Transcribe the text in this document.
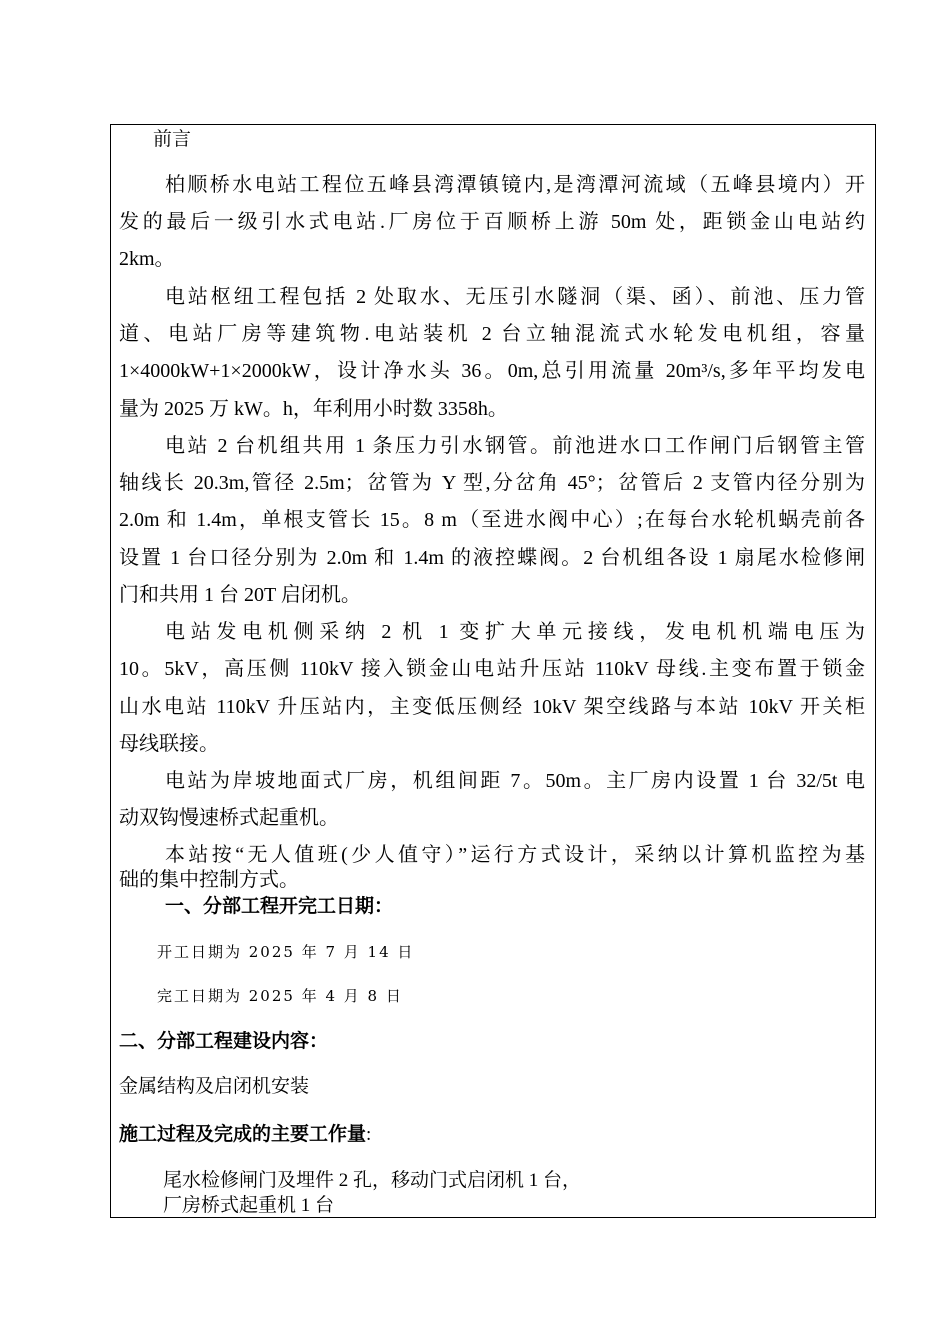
前言
柏顺桥水电站工程位五峰县湾潭镇镜内,是湾潭河流域（五峰县境内）开
发的最后一级引水式电站.厂房位于百顺桥上游 50m 处，距锁金山电站约
2km。
电站枢纽工程包括 2 处取水、无压引水隧洞（渠、函）、前池、压力管
道、电站厂房等建筑物.电站装机 2 台立轴混流式水轮发电机组，容量
1×4000kW+1×2000kW，设计净水头 36。0m,总引用流量 20m³/s,多年平均发电
量为 2025 万 kW。h，年利用小时数 3358h。
电站 2 台机组共用 1 条压力引水钢管。前池进水口工作闸门后钢管主管
轴线长 20.3m,管径 2.5m；岔管为 Y 型,分岔角 45°；岔管后 2 支管内径分别为
2.0m 和 1.4m，单根支管长 15。8 m（至进水阀中心）;在每台水轮机蜗壳前各
设置 1 台口径分别为 2.0m 和 1.4m 的液控蝶阀。2 台机组各设 1 扇尾水检修闸
门和共用 1 台 20T 启闭机。
电站发电机侧采纳 2 机 1 变扩大单元接线，发电机机端电压为
10。5kV，高压侧 110kV 接入锁金山电站升压站 110kV 母线.主变布置于锁金
山水电站 110kV 升压站内，主变低压侧经 10kV 架空线路与本站 10kV 开关柜
母线联接。
电站为岸坡地面式厂房，机组间距 7。50m。主厂房内设置 1 台 32/5t 电
动双钩慢速桥式起重机。
本站按“无人值班(少人值守）”运行方式设计，采纳以计算机监控为基
础的集中控制方式。
一、分部工程开完工日期：
开工日期为 2025 年 7 月 14 日
完工日期为 2025 年 4 月 8 日
二、分部工程建设内容：
金属结构及启闭机安装
施工过程及完成的主要工作量:
尾水检修闸门及埋件 2 孔，移动门式启闭机 1 台，
厂房桥式起重机 1 台
